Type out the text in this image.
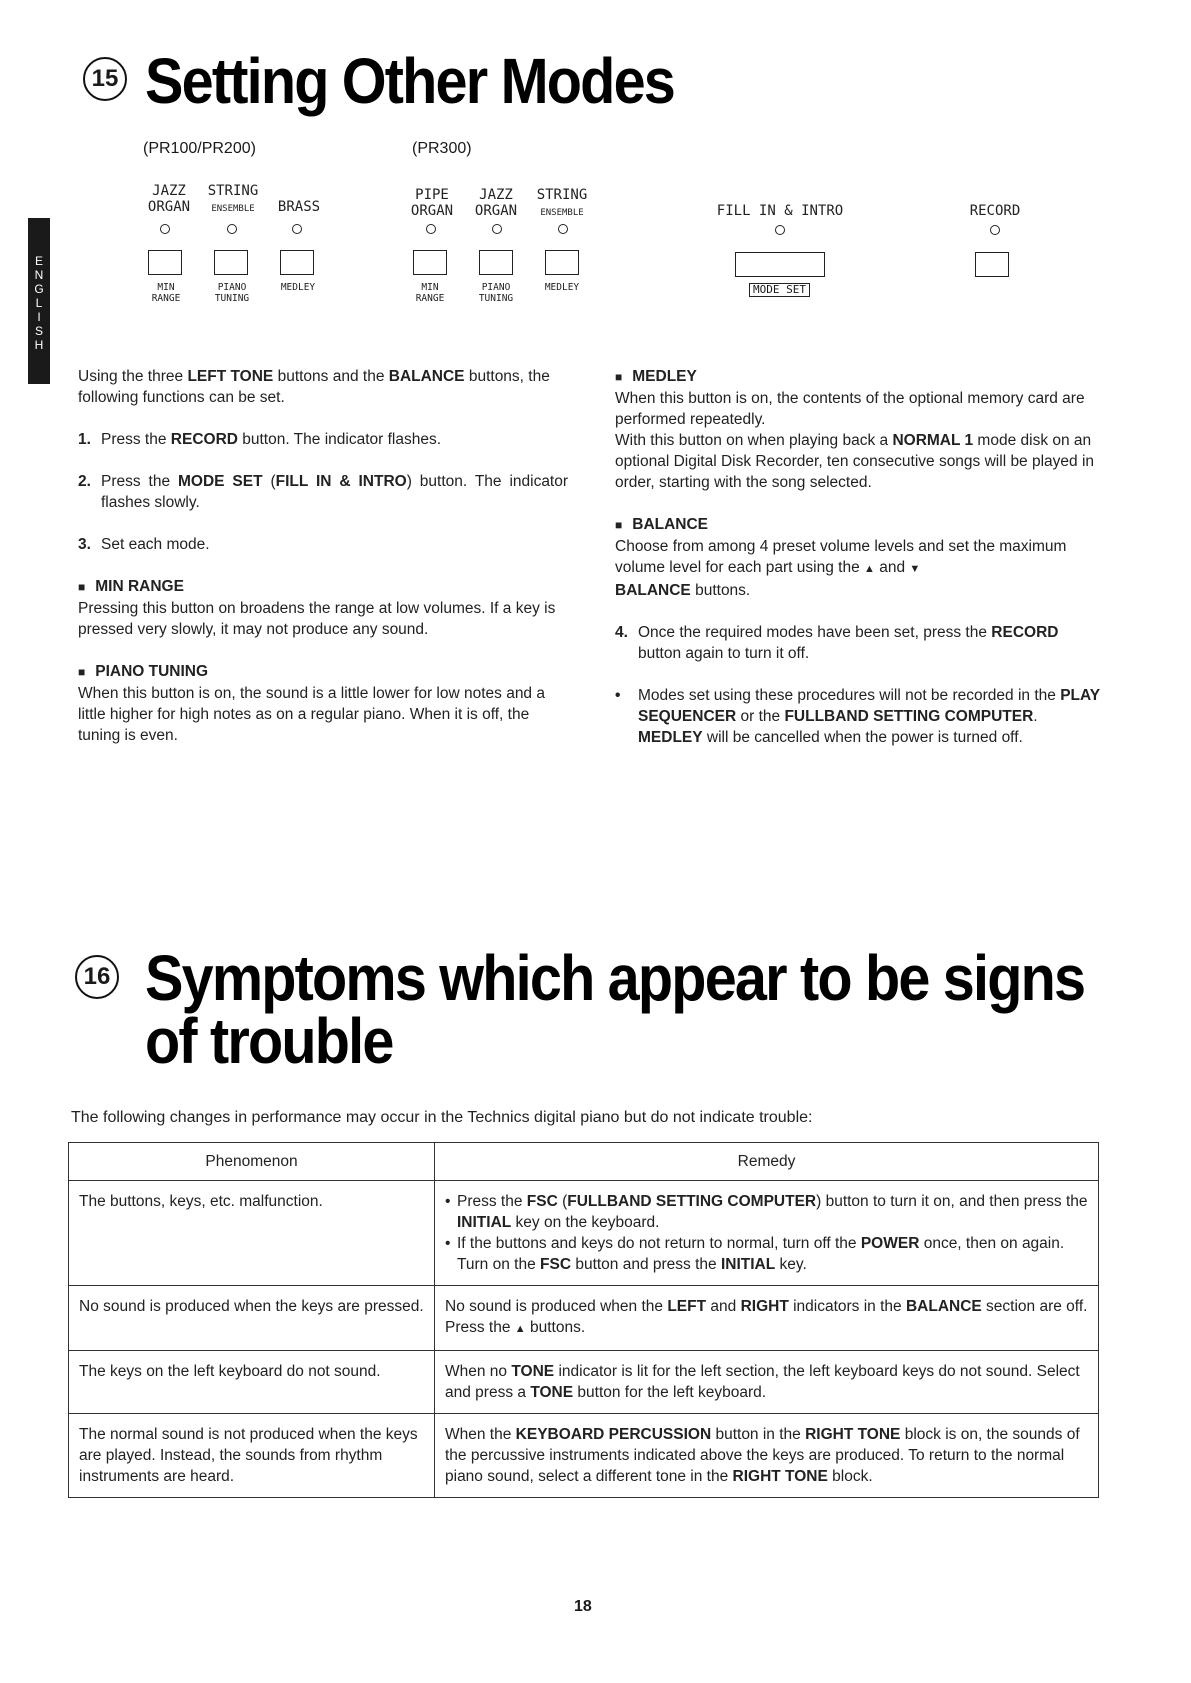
E
N
G
L
I
S
H
15 Setting Other Modes
(PR100/PR200)	(PR300)
JAZZ
ORGAN
STRING
ENSEMBLE	BRASS
MIN
RANGE
PIANO
TUNING
MEDLEY
PIPE
ORGAN
JAZZ
ORGAN
STRING
ENSEMBLE
MIN
RANGE
PIANO
TUNING
MEDLEY
FILL IN & INTRO
MODE SET
RECORD

Using the three LEFT TONE buttons and the BALANCE buttons, the following functions can be set.

1. Press the RECORD button. The indicator flashes.
2. Press the MODE SET (FILL IN & INTRO) button. The indicator flashes slowly.
3. Set each mode.
■ MIN RANGE

Pressing this button on broadens the range at low volumes. If a key is pressed very slowly, it may not produce any sound.

■ PIANO TUNING

When this button is on, the sound is a little lower for low notes and a little higher for high notes as on a regular piano. When it is off, the tuning is even.

■ MEDLEY
When this button is on, the contents of the optional memory card are performed repeatedly.

With this button on when playing back a NORMAL 1 mode disk on an optional Digital Disk Recorder, ten consecutive songs will be played in order, starting with the song selected.

■ BALANCE

Choose from among 4 preset volume levels and set the maximum volume level for each part using the ▲ and ▼
BALANCE buttons.

4. Once the required modes have been set, press the RECORD button again to turn it off.
•	Modes set using these procedures will not be recorded in the PLAY SEQUENCER or the FULLBAND SETTING COMPUTER. MEDLEY will be cancelled when the power is turned off.
16 Symptoms which appear to be signs
of trouble
The following changes in performance may occur in the Technics digital piano but do not indicate trouble:
Phenomenon	Remedy
The buttons, keys, etc. malfunction.	• Press the FSC (FULLBAND SETTING COMPUTER) button to turn it on, and then press the INITIAL key on the keyboard.
• If the buttons and keys do not return to normal, turn off the POWER once, then on again. Turn on the FSC button and press the INITIAL key.

No sound is produced when the keys are pressed.	No sound is produced when the LEFT and RIGHT indicators in the BALANCE section are off. Press the ▲ buttons.
The keys on the left keyboard do not sound.	When no TONE indicator is lit for the left section, the left keyboard keys do not sound. Select and press a TONE button for the left keyboard.
The normal sound is not produced when the keys are played. Instead, the sounds from rhythm instruments are heard.	When the KEYBOARD PERCUSSION button in the RIGHT TONE block is on, the sounds of the percussive instruments indicated above the keys are produced. To return to the normal piano sound, select a different tone in the RIGHT TONE block.
18
